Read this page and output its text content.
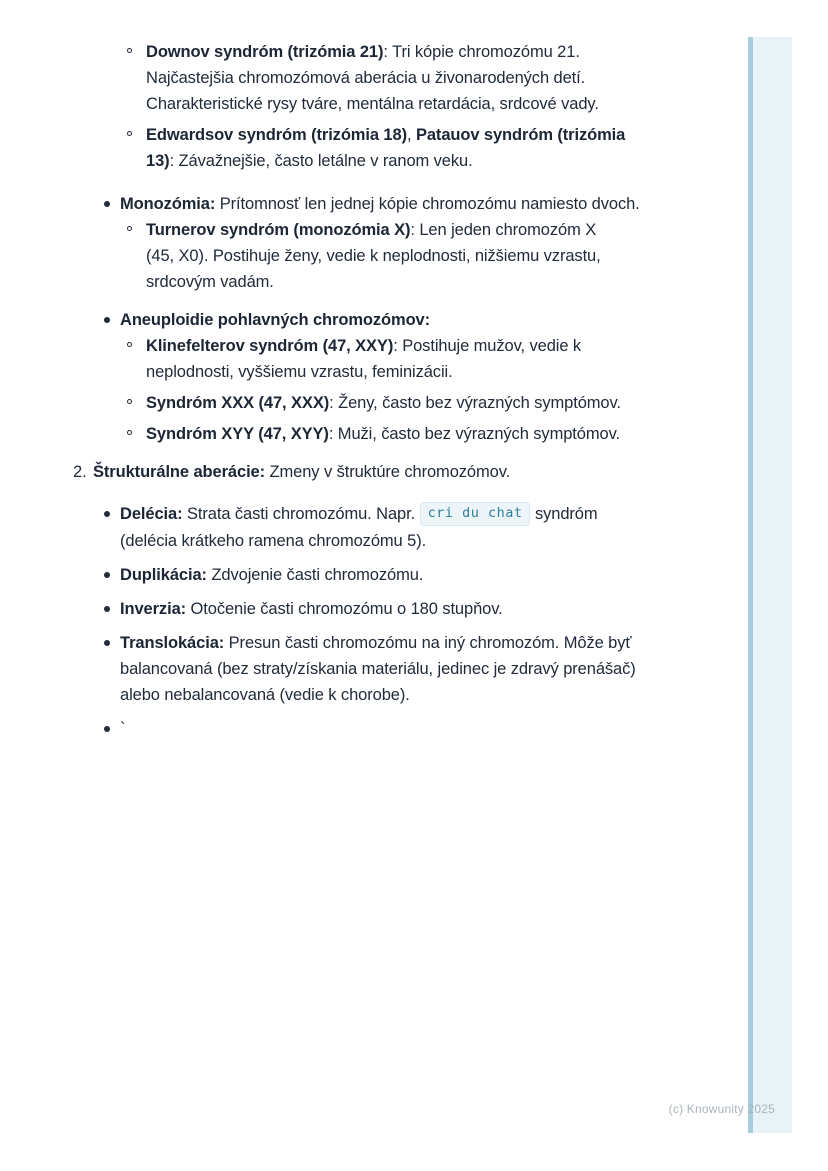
Downov syndróm (trizómia 21): Tri kópie chromozómu 21. Najčastejšia chromozómová aberácia u živonarodených detí. Charakteristické rysy tváre, mentálna retardácia, srdcové vady.
Edwardsov syndróm (trizómia 18), Patauov syndróm (trizómia 13): Závažnejšie, často letálne v ranom veku.
Monozómia: Prítomnosť len jednej kópie chromozómu namiesto dvoch.
Turnerov syndróm (monozómia X): Len jeden chromozóm X (45, X0). Postihuje ženy, vedie k neplodnosti, nižšiemu vzrastu, srdcovým vadám.
Aneuploidie pohlavných chromozómov:
Klinefelterov syndróm (47, XXY): Postihuje mužov, vedie k neplodnosti, vyššiemu vzrastu, feminizácii.
Syndróm XXX (47, XXX): Ženy, často bez výrazných symptómov.
Syndróm XYY (47, XYY): Muži, často bez výrazných symptómov.
2. Štrukturálne aberácie: Zmeny v štruktúre chromozómov.
Delécia: Strata časti chromozómu. Napr. cri du chat syndróm (delécia krátkeho ramena chromozómu 5).
Duplikácia: Zdvojenie časti chromozómu.
Inverzia: Otočenie časti chromozómu o 180 stupňov.
Translokácia: Presun časti chromozómu na iný chromozóm. Môže byť balancovaná (bez straty/získania materiálu, jedinec je zdravý prenášač) alebo nebalancovaná (vedie k chorobe).
`
(c) Knowunity 2025
